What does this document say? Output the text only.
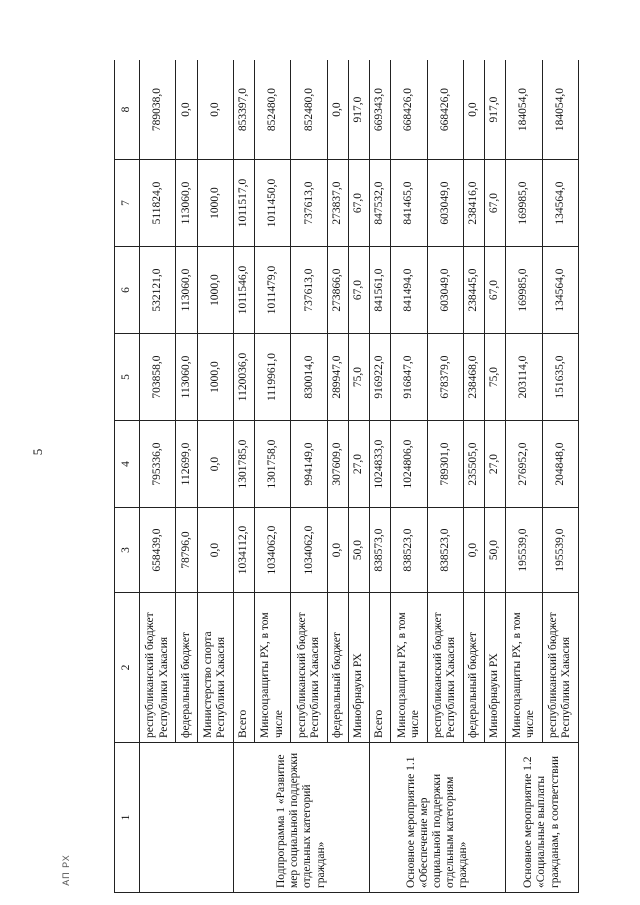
5
АП РХ
1	2	3	4	5	6	7	8
	республиканский бюджет Республики Хакасия	658439,0	795336,0	703858,0	532121,0	511824,0	789038,0
	федеральный бюджет	78796,0	112699,0	113060,0	113060,0	113060,0	0,0
	Министерство спорта Республики Хакасия	0,0	0,0	1000,0	1000,0	1000,0	0,0
Подпрограмма 1 «Развитие мер социальной поддержки отдельных категорий граждан»	Всего	1034112,0	1301785,0	1120036,0	1011546,0	1011517,0	853397,0
	Минсоцзащиты РХ, в том числе	1034062,0	1301758,0	1119961,0	1011479,0	1011450,0	852480,0
	республиканский бюджет Республики Хакасия	1034062,0	994149,0	830014,0	737613,0	737613,0	852480,0
	федеральный бюджет	0,0	307609,0	289947,0	273866,0	273837,0	0,0
	Минобрнауки РХ	50,0	27,0	75,0	67,0	67,0	917,0
Основное мероприятие 1.1 «Обеспечение мер социальной поддержки отдельным категориям граждан»	Всего	838573,0	1024833,0	916922,0	841561,0	847532,0	669343,0
	Минсоцзащиты РХ, в том числе	838523,0	1024806,0	916847,0	841494,0	841465,0	668426,0
	республиканский бюджет Республики Хакасия	838523,0	789301,0	678379,0	603049,0	603049,0	668426,0
	федеральный бюджет	0,0	235505,0	238468,0	238445,0	238416,0	0,0
	Минобрнауки РХ	50,0	27,0	75,0	67,0	67,0	917,0
Основное мероприятие 1.2 «Социальные выплаты гражданам, в соответствии	Минсоцзащиты РХ, в том числе	195539,0	276952,0	203114,0	169985,0	169985,0	184054,0
	республиканский бюджет Республики Хакасия	195539,0	204848,0	151635,0	134564,0	134564,0	184054,0
